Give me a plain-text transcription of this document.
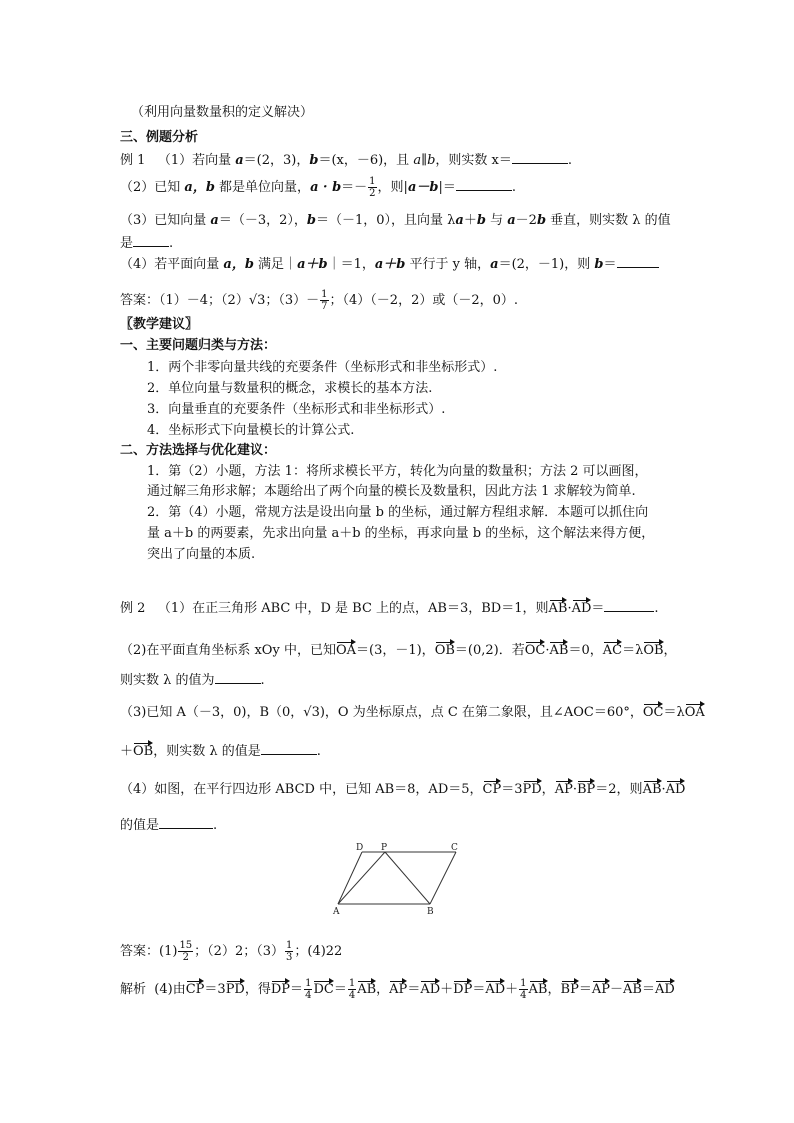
（利用向量数量积的定义解决）
三、例题分析
例 1 （1）若向量 a＝(2，3)，b＝(x，－6)，且 a∥b，则实数 x＝	.
（2）已知 a，b 都是单位向量，$a \cdot b=- \frac{1}{2}$ ，则|a－b|＝	.
（3）已知向量 a＝（－3，2），b＝（－1，0），且向量 λa＋b 与 a－2b 垂直，则实数 λ 的值
是	.
（4）若平面向量 a，b 满足｜a＋b｜＝1，a＋b 平行于 y 轴，a＝(2，－1)，则 b＝
答案：（1）－4；（2）√3；$(3)- \frac{1}{7}$ ；（4）（－2，2）或（－2，0）.
〖教学建议〗
一、主要问题归类与方法：
1．两个非零向量共线的充要条件（坐标形式和非坐标形式）.
2．单位向量与数量积的概念，求模长的基本方法.
3．向量垂直的充要条件（坐标形式和非坐标形式）.
4．坐标形式下向量模长的计算公式.
二、方法选择与优化建议：
1．第（2）小题，方法 1：将所求模长平方，转化为向量的数量积；方法 2 可以画图，
通过解三角形求解；本题给出了两个向量的模长及数量积，因此方法 1 求解较为简单.
2．第（4）小题，常规方法是设出向量 b 的坐标，通过解方程组求解．本题可以抓住向
量 a＋b 的两要素，先求出向量 a＋b 的坐标，再求向量 b 的坐标，这个解法来得方便，
突出了向量的本质.
例 2 （1）在正三角形 ABC 中，D 是 BC 上的点，AB＝3，BD＝1，则AB·AD＝	.
（2)在平面直角坐标系 xOy 中，已知OA＝(3，－1)，OB＝(0,2)．若OC·AB＝0，AC＝λOB，
则实数 λ 的值为	.
（3)已知 A（－3，0)，B（0，√3)，O 为坐标原点，点 C 在第二象限，且∠AOC＝60°，OC＝λOA
＋OB，则实数 λ 的值是	.
（4）如图，在平行四边形 ABCD 中，已知 AB＝8，AD＝5，CP＝3PD，AP·BP＝2，则AB·AD
的值是	.
D P	C
A	B
答案：$(1) \frac{15}{2}$ ；（2）2；$(3) \frac{1}{3}$ ；(4)22
解析 (4)由CP＝3PD，得$DP= \frac{1}{4} DC= \frac{1}{4}$ AB，$AP=AD+DP=AD+ \frac{1}{4}$ AB，BP＝AP－AB＝AD
